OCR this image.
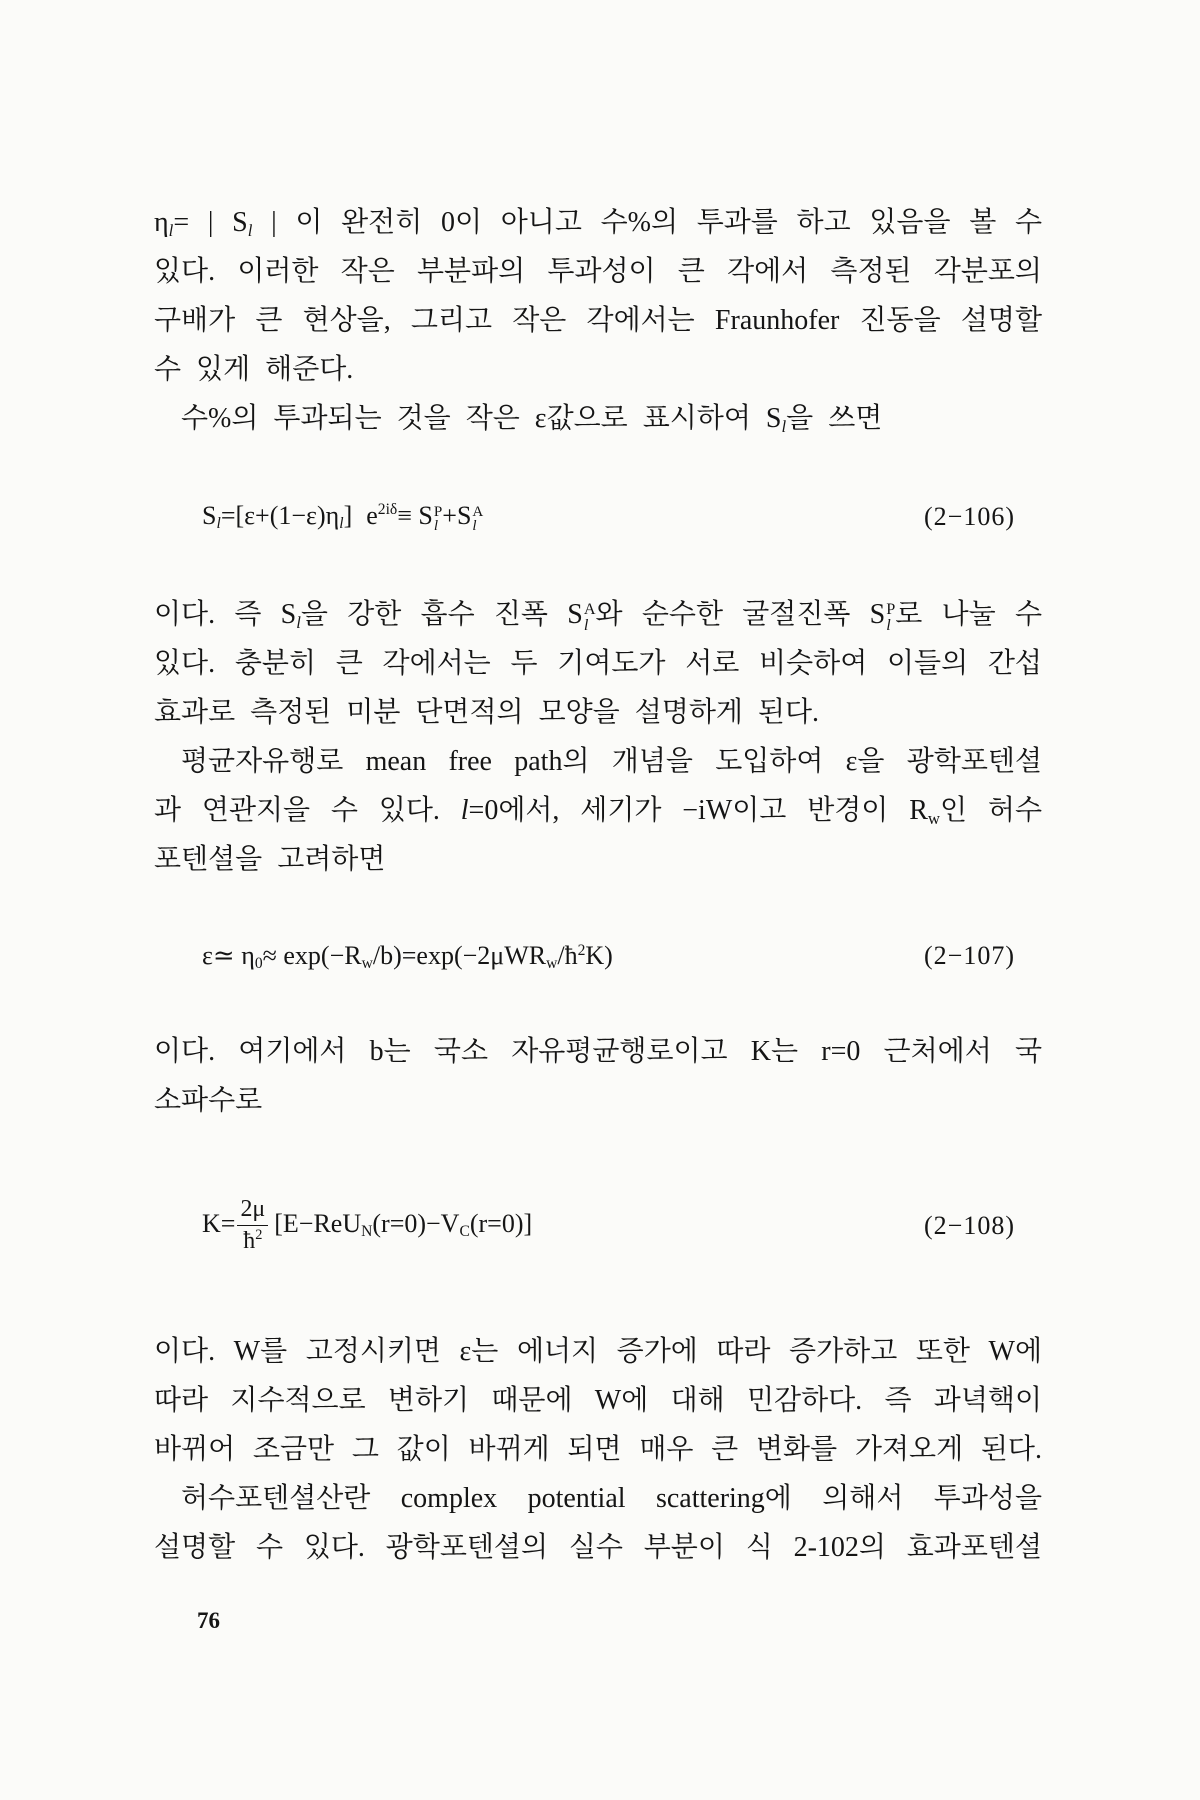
$\eta_l=$ | $S_l$ | 이 완전히 0이 아니고 수%의 투과를 하고 있음을 볼 수
있다. 이러한 작은 부분파의 투과성이 큰 각에서 측정된 각분포의
구배가 큰 현상을, 그리고 작은 각에서는 Fraunhofer 진동을 설명할
수 있게 해준다.
수%의 투과되는 것을 작은 ε값으로 표시하여 $S_l$을 쓰면
$S_l=[\varepsilon+(1-\varepsilon)\eta_l]$ $e^{2i\delta}\equiv S$ P
l +S A
l	(2−106)
이다. 즉 $S_l$을 강한 흡수 진폭 S A
l 와 순수한 굴절진폭 S P
l 로 나눌 수
있다. 충분히 큰 각에서는 두 기여도가 서로 비슷하여 이들의 간섭
효과로 측정된 미분 단면적의 모양을 설명하게 된다.
평균자유행로 mean free path의 개념을 도입하여 ε을 광학포텐셜
과 연관지을 수 있다. l=0에서, 세기가 −iW이고 반경이 $R_w$인 허수
포텐셜을 고려하면
ε≃ $\eta_0\approx$ $\exp(-R_w/b)=\exp(-2\mu WR_w/ħ^2K)$	(2−107)
이다. 여기에서 b는 국소 자유평균행로이고 K는 r=0 근처에서 국
소파수로
$K= \frac{2\mu}{ħ^2} [E-ReU_N(r=0)-V_C(r=0)]$	(2−108)
이다. W를 고정시키면 ε는 에너지 증가에 따라 증가하고 또한 W에
따라 지수적으로 변하기 때문에 W에 대해 민감하다. 즉 과녁핵이
바뀌어 조금만 그 값이 바뀌게 되면 매우 큰 변화를 가져오게 된다.
허수포텐셜산란 complex potential scattering에 의해서 투과성을
설명할 수 있다. 광학포텐셜의 실수 부분이 식 2-102의 효과포텐셜
76
